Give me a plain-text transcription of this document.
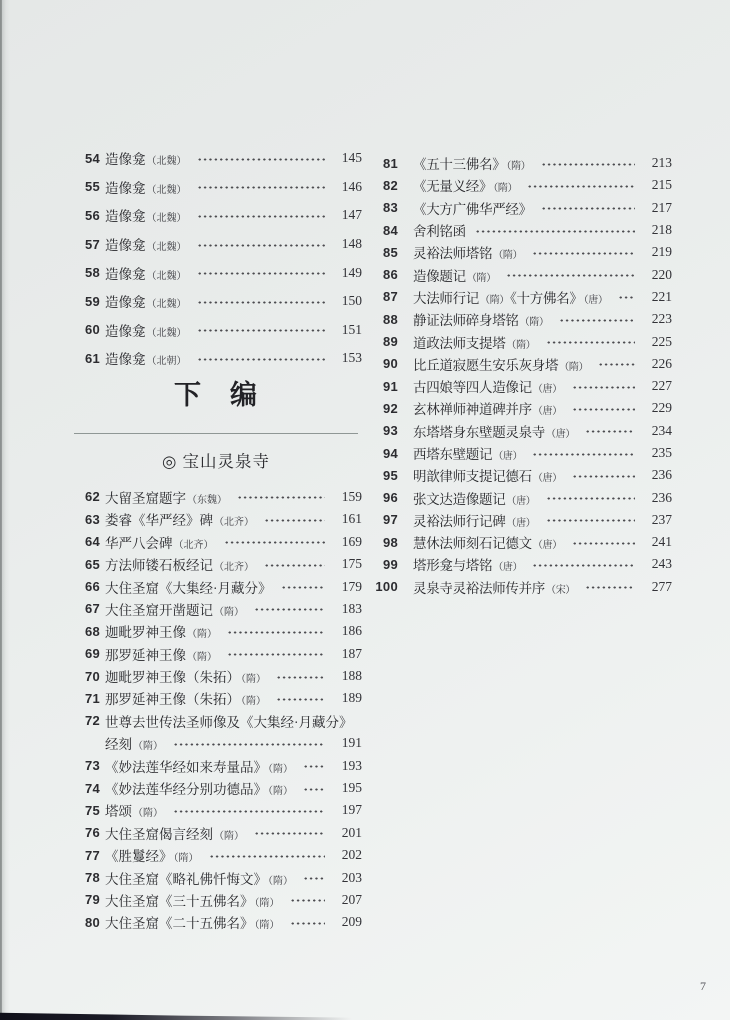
54 造像龛（北魏）	145
55 造像龛（北魏）	146
56 造像龛（北魏）	147
57 造像龛（北魏）	148
58 造像龛（北魏）	149
59 造像龛（北魏）	150
60 造像龛（北魏）	151
61 造像龛（北朝）	153
下　编
◎ 宝山灵泉寺
62 大留圣窟题字（东魏）	159
63 娄睿《华严经》碑（北齐）	161
64 华严八会碑（北齐）	169
65 方法师镂石板经记（北齐）	175
66 大住圣窟《大集经·月藏分》	179
67 大住圣窟开凿题记（隋）	183
68 迦毗罗神王像（隋）	186
69 那罗延神王像（隋）	187
70 迦毗罗神王像（朱拓）（隋）	188
71 那罗延神王像（朱拓）（隋）	189
72 世尊去世传法圣师像及《大集经·月藏分》
经刻（隋）	191
73 《妙法莲华经如来寿量品》（隋）	193
74 《妙法莲华经分别功德品》（隋）	195
75 塔颂（隋）	197
76 大住圣窟偈言经刻（隋）	201
77 《胜鬘经》（隋）	202
78 大住圣窟《略礼佛忏悔文》（隋）	203
79 大住圣窟《三十五佛名》（隋）	207
80 大住圣窟《二十五佛名》（隋）	209
81 《五十三佛名》（隋）	213
82 《无量义经》（隋）	215
83 《大方广佛华严经》	217
84 舍利铭函	218
85 灵裕法师塔铭（隋）	219
86 造像题记（隋）	220
87 大法师行记（隋）《十方佛名》（唐）	221
88 静证法师碎身塔铭（隋）	223
89 道政法师支提塔（隋）	225
90 比丘道寂愿生安乐灰身塔（隋）	226
91 古四娘等四人造像记（唐）	227
92 玄林禅师神道碑并序（唐）	229
93 东塔塔身东壁题灵泉寺（唐）	234
94 西塔东壁题记（唐）	235
95 明歆律师支提记德石（唐）	236
96 张文达造像题记（唐）	236
97 灵裕法师行记碑（唐）	237
98 慧休法师刻石记德文（唐）	241
99 塔形龛与塔铭（唐）	243
100 灵泉寺灵裕法师传并序（宋）	277
7
